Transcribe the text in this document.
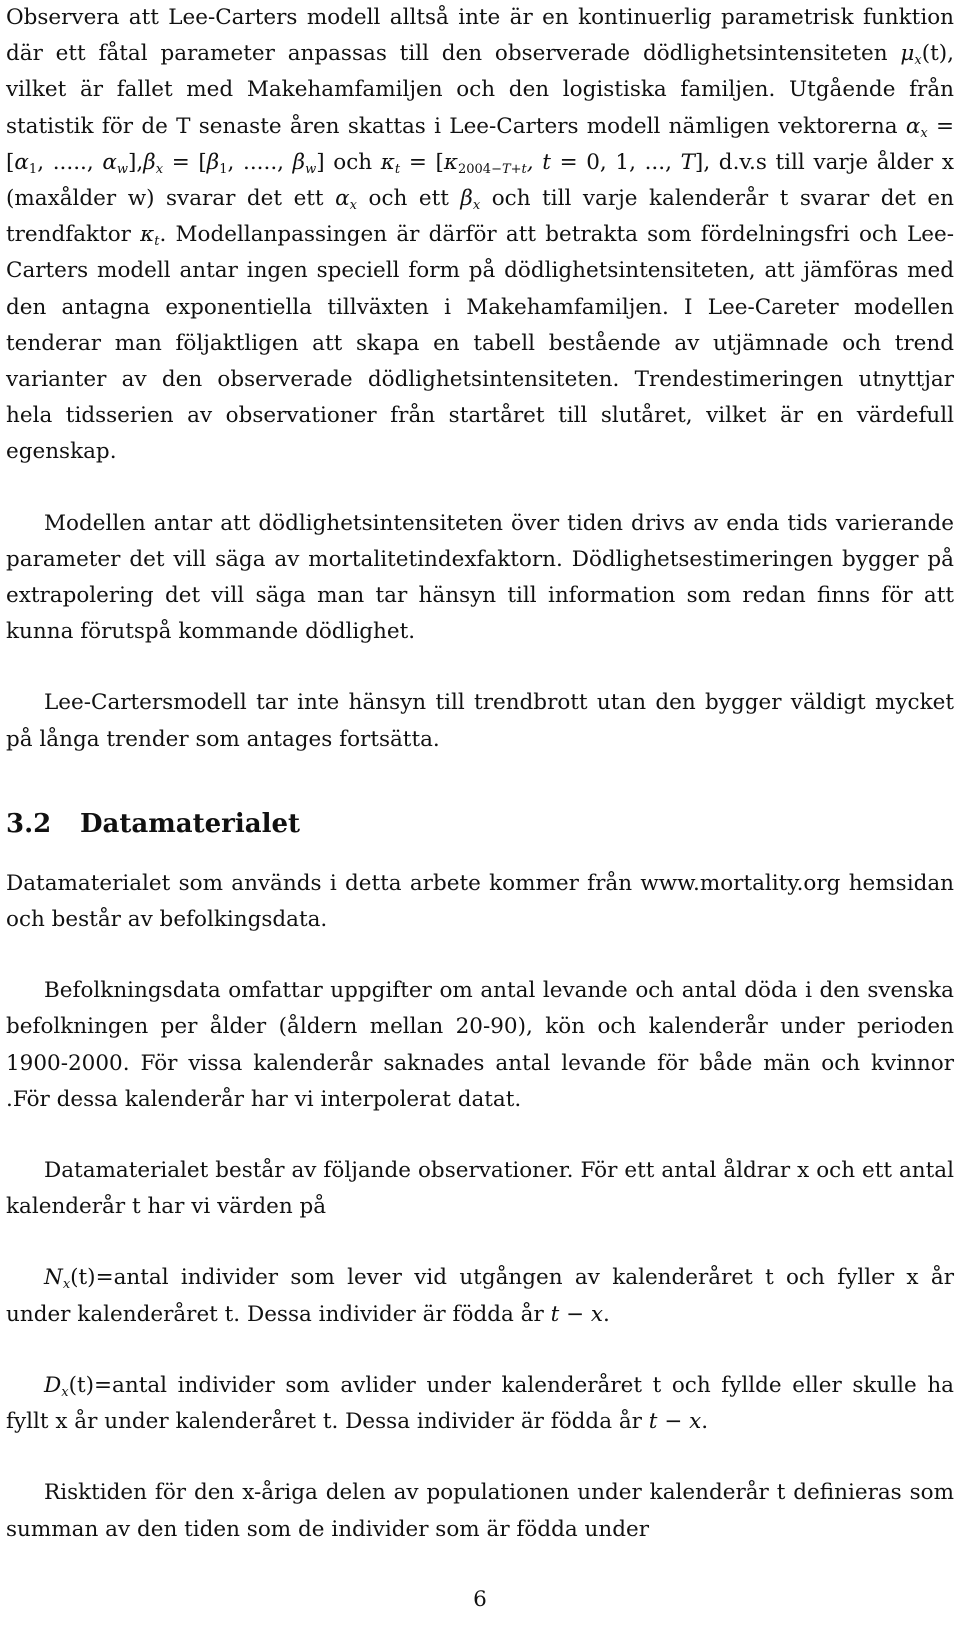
Observera att Lee-Carters modell alltså inte är en kontinuerlig parametrisk funktion där ett fåtal parameter anpassas till den observerade dödlighetsintensiteten $\mu_x(t)$, vilket är fallet med Makehamfamiljen och den logistiska familjen. Utgående från statistik för de T senaste åren skattas i Lee-Carters modell nämligen vektorerna $\alpha_x = [\alpha_1$, ....., $\alpha_w],\beta_x = [\beta_1$, ....., $\beta_w$] och $\kappa_t = [\kappa_{2004-T+t}$, t = 0, 1, ..., T], d.v.s till varje ålder x (maxålder w) svarar det ett $\alpha_x$ och ett $\beta_x$ och till varje kalenderår t svarar det en trendfaktor $\kappa_t$. Modellanpassingen är därför att betrakta som fördelningsfri och Lee-Carters modell antar ingen speciell form på dödlighetsintensiteten, att jämföras med den antagna exponentiella tillväxten i Makehamfamiljen. I Lee-Careter modellen tenderar man följaktligen att skapa en tabell bestående av utjämnade och trend varianter av den observerade dödlighetsintensiteten. Trendestimeringen utnyttjar hela tidsserien av observationer från startåret till slutåret, vilket är en värdefull egenskap.

Modellen antar att dödlighetsintensiteten över tiden drivs av enda tids varierande parameter det vill säga av mortalitetindexfaktorn. Dödlighetsestimeringen bygger på extrapolering det vill säga man tar hänsyn till information som redan finns för att kunna förutspå kommande dödlighet.

Lee-Cartersmodell tar inte hänsyn till trendbrott utan den bygger väldigt mycket på långa trender som antages fortsätta.

3.2 Datamaterialet

Datamaterialet som används i detta arbete kommer från www.mortality.org hemsidan och består av befolkingsdata.

Befolkningsdata omfattar uppgifter om antal levande och antal döda i den svenska befolkningen per ålder (åldern mellan 20-90), kön och kalenderår under perioden 1900-2000. För vissa kalenderår saknades antal levande för både män och kvinnor .För dessa kalenderår har vi interpolerat datat.

Datamaterialet består av följande observationer. För ett antal åldrar x och ett antal kalenderår t har vi värden på

$N_x(t)=antal$ individer som lever vid utgången av kalenderåret t och fyller x år under kalenderåret t. Dessa individer är födda år t − x.

$D_x(t)=antal$ individer som avlider under kalenderåret t och fyllde eller skulle ha fyllt x år under kalenderåret t. Dessa individer är födda år t − x.

Risktiden för den x-åriga delen av populationen under kalenderår t definieras som summan av den tiden som de individer som är födda under

6
